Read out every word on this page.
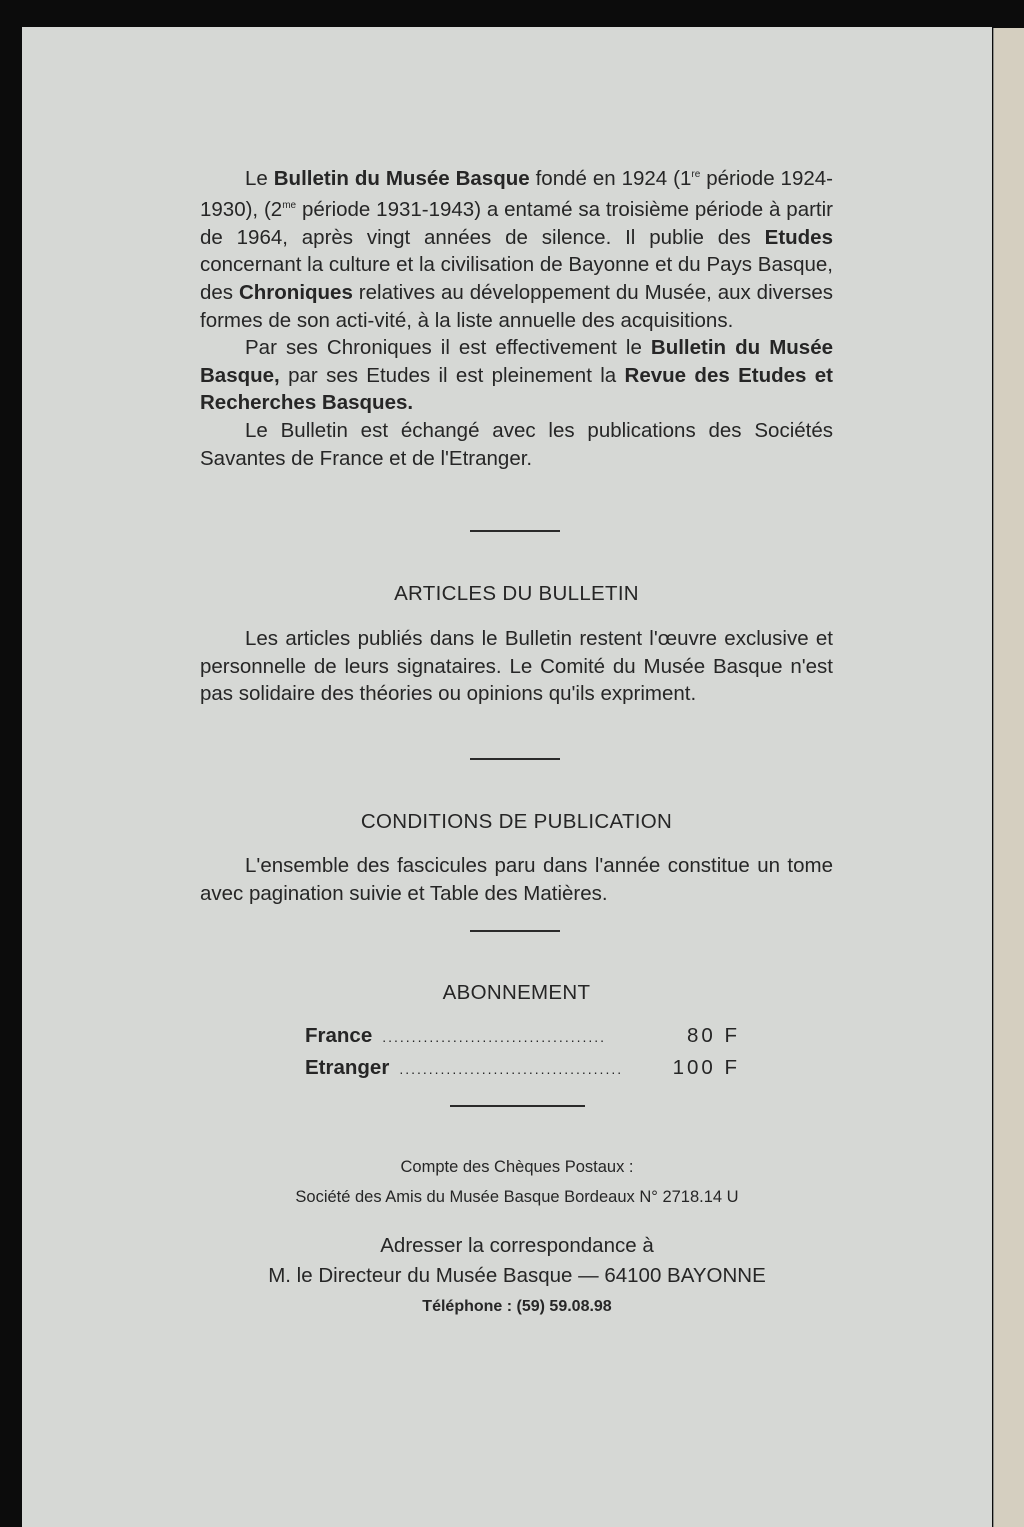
Le Bulletin du Musée Basque fondé en 1924 (1re période 1924-1930), ($2^{me}$ période 1931-1943) a entamé sa troisième période à partir de 1964, après vingt années de silence. Il publie des Etudes concernant la culture et la civilisation de Bayonne et du Pays Basque, des Chroniques relatives au développement du Musée, aux diverses formes de son acti-vité, à la liste annuelle des acquisitions.

Par ses Chroniques il est effectivement le Bulletin du Musée Basque, par ses Etudes il est pleinement la Revue des Etudes et Recherches Basques.

Le Bulletin est échangé avec les publications des Sociétés Savantes de France et de l'Etranger.

ARTICLES DU BULLETIN

Les articles publiés dans le Bulletin restent l'œuvre exclusive et personnelle de leurs signataires. Le Comité du Musée Basque n'est pas solidaire des théories ou opinions qu'ils expriment.

CONDITIONS DE PUBLICATION

L'ensemble des fascicules paru dans l'année constitue un tome avec pagination suivie et Table des Matières.

ABONNEMENT
France ......................................	80 F
Etranger ......................................	100 F
Compte des Chèques Postaux :
Société des Amis du Musée Basque Bordeaux N° 2718.14 U
Adresser la correspondance à
M. le Directeur du Musée Basque — 64100 BAYONNE
Téléphone : (59) 59.08.98
